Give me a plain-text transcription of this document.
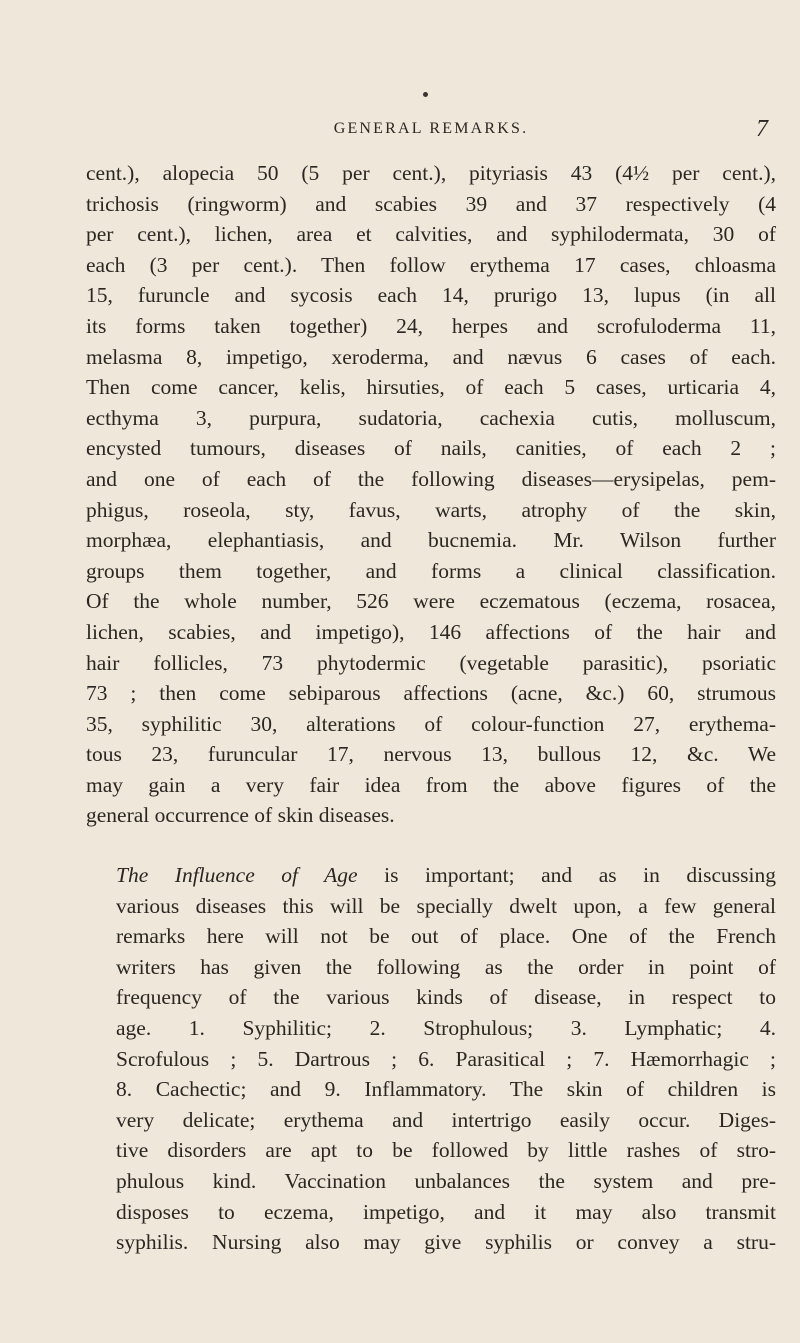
GENERAL REMARKS.	7

cent.), alopecia 50 (5 per cent.), pityriasis 43 (4½ per cent.),
trichosis (ringworm) and scabies 39 and 37 respectively (4
per cent.), lichen, area et calvities, and syphilodermata, 30 of
each (3 per cent.). Then follow erythema 17 cases, chloasma
15, furuncle and sycosis each 14, prurigo 13, lupus (in all
its forms taken together) 24, herpes and scrofuloderma 11,
melasma 8, impetigo, xeroderma, and nævus 6 cases of each.
Then come cancer, kelis, hirsuties, of each 5 cases, urticaria 4,
ecthyma 3, purpura, sudatoria, cachexia cutis, molluscum,
encysted tumours, diseases of nails, canities, of each 2 ;
and one of each of the following diseases—erysipelas, pem-
phigus, roseola, sty, favus, warts, atrophy of the skin,
morphæa, elephantiasis, and bucnemia. Mr. Wilson further
groups them together, and forms a clinical classification.
Of the whole number, 526 were eczematous (eczema, rosacea,
lichen, scabies, and impetigo), 146 affections of the hair and
hair follicles, 73 phytodermic (vegetable parasitic), psoriatic
73 ; then come sebiparous affections (acne, &c.) 60, strumous
35, syphilitic 30, alterations of colour-function 27, erythema-
tous 23, furuncular 17, nervous 13, bullous 12, &c. We
may gain a very fair idea from the above figures of the
general occurrence of skin diseases.

The Influence of Age is important; and as in discussing
various diseases this will be specially dwelt upon, a few general
remarks here will not be out of place. One of the French
writers has given the following as the order in point of
frequency of the various kinds of disease, in respect to
age. 1. Syphilitic; 2. Strophulous; 3. Lymphatic; 4.
Scrofulous ; 5. Dartrous ; 6. Parasitical ; 7. Hæmorrhagic ;
8. Cachectic; and 9. Inflammatory. The skin of children is
very delicate; erythema and intertrigo easily occur. Diges-
tive disorders are apt to be followed by little rashes of stro-
phulous kind. Vaccination unbalances the system and pre-
disposes to eczema, impetigo, and it may also transmit
syphilis. Nursing also may give syphilis or convey a stru-
